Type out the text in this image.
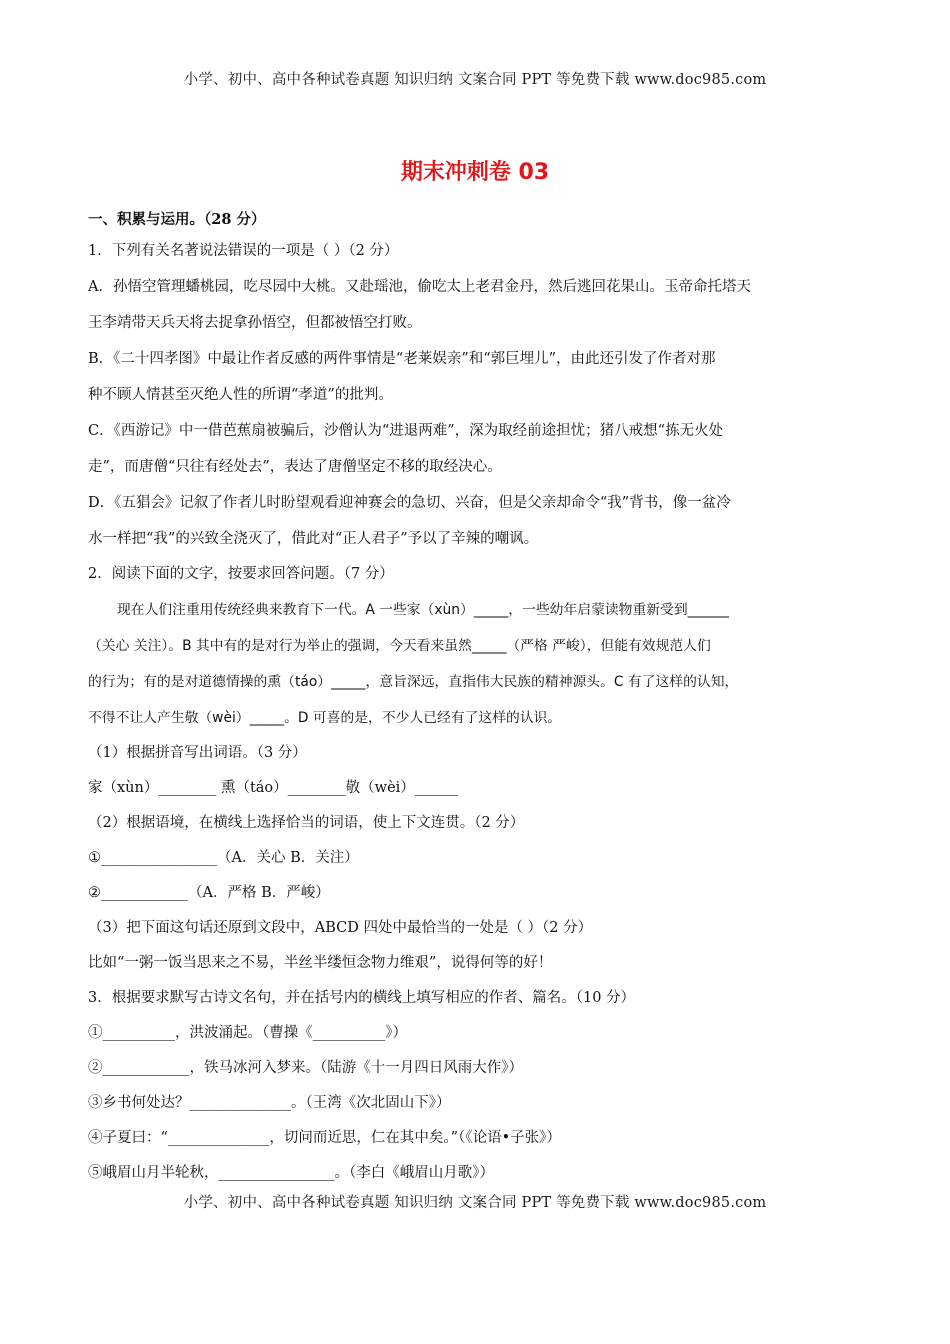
小学、初中、高中各种试卷真题 知识归纳 文案合同 PPT 等免费下载 www.doc985.com
期末冲刺卷 03
一、积累与运用。（28 分）
1．下列有关名著说法错误的一项是（ ）（2 分）
A．孙悟空管理蟠桃园，吃尽园中大桃。又赴瑶池，偷吃太上老君金丹，然后逃回花果山。玉帝命托塔天
王李靖带天兵天将去捉拿孙悟空，但都被悟空打败。
B．《二十四孝图》中最让作者反感的两件事情是“老莱娱亲”和“郭巨埋儿”，由此还引发了作者对那
种不顾人情甚至灭绝人性的所谓“孝道”的批判。
C．《西游记》中一借芭蕉扇被骗后，沙僧认为“进退两难”，深为取经前途担忧；猪八戒想“拣无火处
走”，而唐僧“只往有经处去”，表达了唐僧坚定不移的取经决心。
D．《五猖会》记叙了作者儿时盼望观看迎神赛会的急切、兴奋，但是父亲却命令“我”背书，像一盆冷
水一样把“我”的兴致全浇灭了，借此对“正人君子”予以了辛辣的嘲讽。
2．阅读下面的文字，按要求回答问题。（7 分）
现在人们注重用传统经典来教育下一代。A 一些家（xùn）_____，一些幼年启蒙读物重新受到______
（关心 关注）。B 其中有的是对行为举止的强调，今天看来虽然_____（严格 严峻），但能有效规范人们
的行为；有的是对道德情操的熏（táo）_____，意旨深远，直指伟大民族的精神源头。C 有了这样的认知，
不得不让人产生敬（wèi）_____。D 可喜的是，不少人已经有了这样的认识。
（1）根据拼音写出词语。（3 分）
家（xùn）________ 熏（táo）________敬（wèi）______
（2）根据语境，在横线上选择恰当的词语，使上下文连贯。（2 分）
①________________（A．关心 B．关注）
②____________（A．严格 B．严峻）
（3）把下面这句话还原到文段中，ABCD 四处中最恰当的一处是（ ）（2 分）
比如“一粥一饭当思来之不易，半丝半缕恒念物力维艰”，说得何等的好！
3．根据要求默写古诗文名句，并在括号内的横线上填写相应的作者、篇名。（10 分）
①__________，洪波涌起。（曹操《__________》）
②____________，铁马冰河入梦来。（陆游《十一月四日风雨大作》）
③乡书何处达？______________。（王湾《次北固山下》）
④子夏曰：“______________，切问而近思，仁在其中矣。”（《论语•子张》）
⑤峨眉山月半轮秋，________________。（李白《峨眉山月歌》）
小学、初中、高中各种试卷真题 知识归纳 文案合同 PPT 等免费下载 www.doc985.com
